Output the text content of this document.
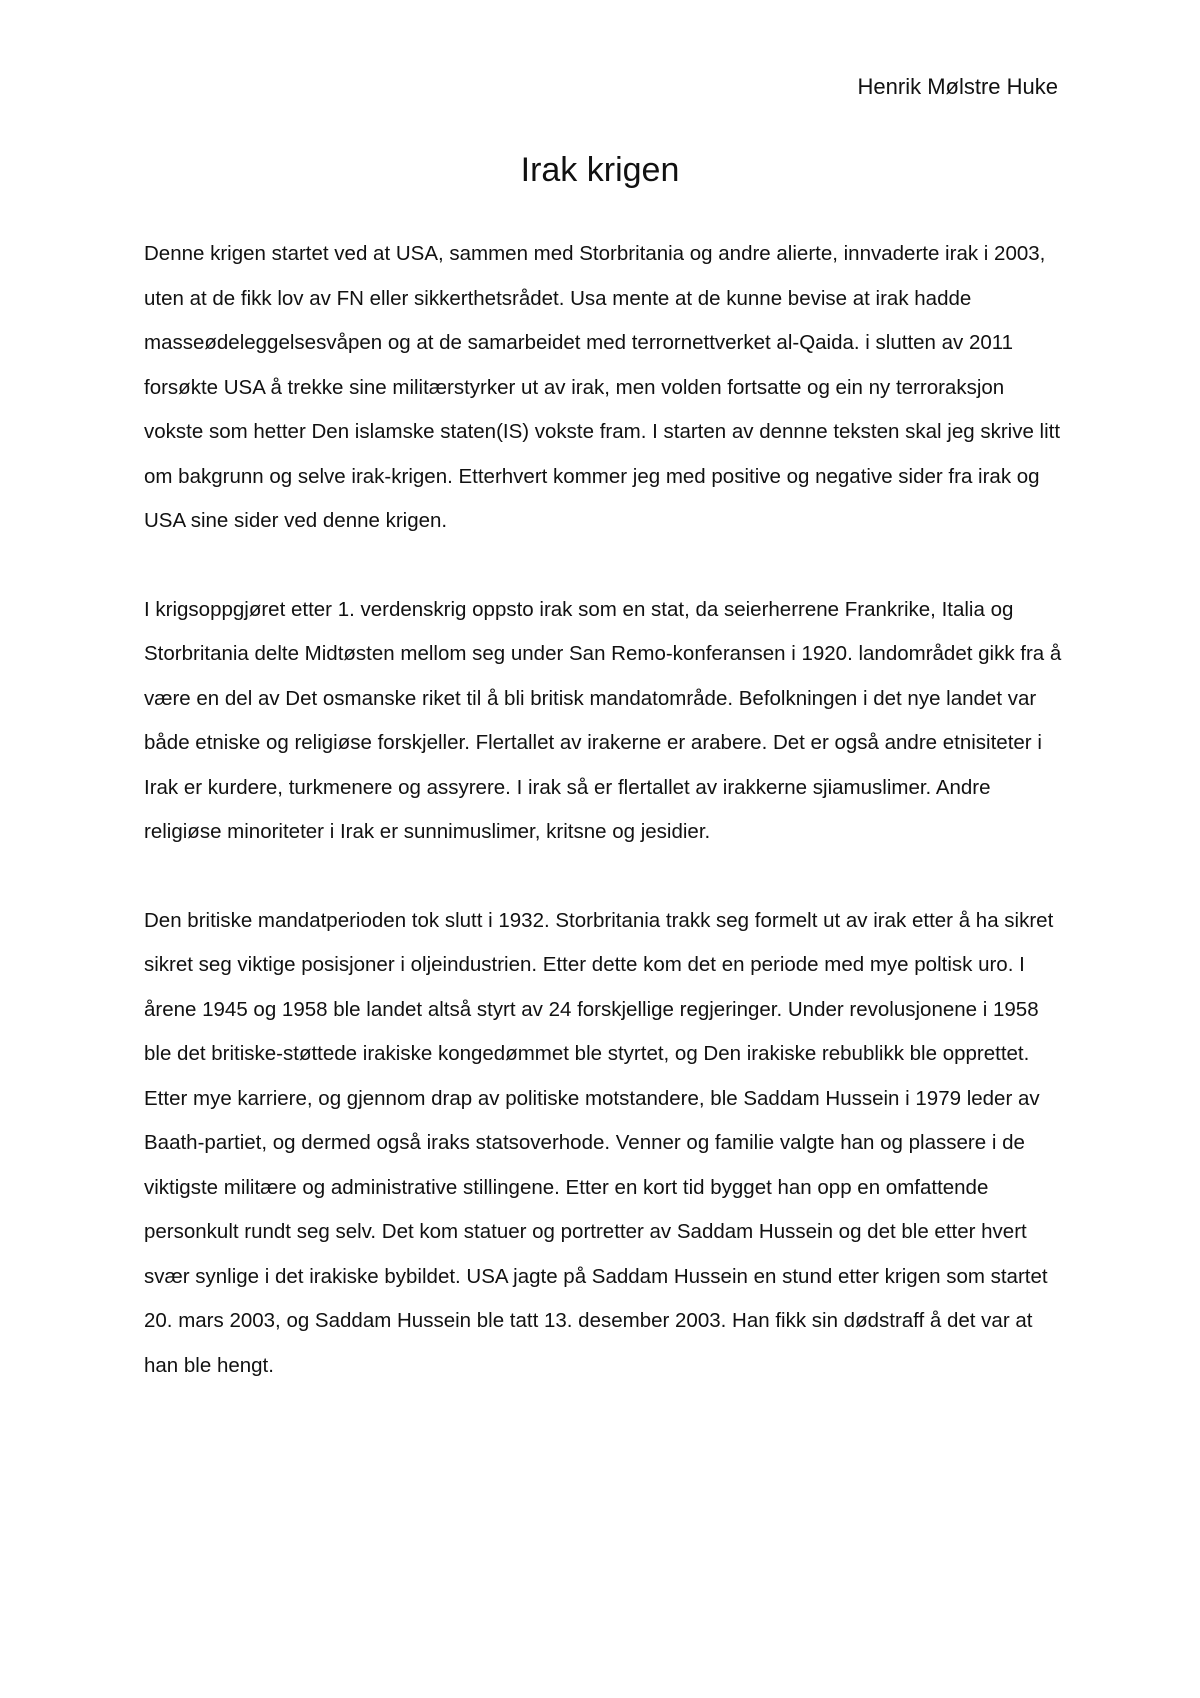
Henrik Mølstre Huke
Irak krigen

Denne krigen startet ved at USA, sammen med Storbritania og andre alierte, innvaderte irak i 2003, uten at de fikk lov av FN eller sikkerthetsrådet. Usa mente at de kunne bevise at irak hadde masseødeleggelsesvåpen og at de samarbeidet med terrornettverket al-Qaida. i slutten av 2011 forsøkte USA å trekke sine militærstyrker ut av irak, men volden fortsatte og ein ny terroraksjon vokste som hetter Den islamske staten(IS) vokste fram. I starten av dennne teksten skal jeg skrive litt om bakgrunn og selve irak-krigen. Etterhvert kommer jeg med positive og negative sider fra irak og USA sine sider ved denne krigen.

I krigsoppgjøret etter 1. verdenskrig oppsto irak som en stat, da seierherrene Frankrike, Italia og Storbritania delte Midtøsten mellom seg under San Remo-konferansen i 1920. landområdet gikk fra å være en del av Det osmanske riket til å bli britisk mandatområde. Befolkningen i det nye landet var både etniske og religiøse forskjeller. Flertallet av irakerne er arabere. Det er også andre etnisiteter i Irak er kurdere, turkmenere og assyrere. I irak så er flertallet av irakkerne sjiamuslimer. Andre religiøse minoriteter i Irak er sunnimuslimer, kritsne og jesidier.

Den britiske mandatperioden tok slutt i 1932. Storbritania trakk seg formelt ut av irak etter å ha sikret sikret seg viktige posisjoner i oljeindustrien. Etter dette kom det en periode med mye poltisk uro. I årene 1945 og 1958 ble landet altså styrt av 24 forskjellige regjeringer. Under revolusjonene i 1958 ble det britiske-støttede irakiske kongedømmet ble styrtet, og Den irakiske rebublikk ble opprettet. Etter mye karriere, og gjennom drap av politiske motstandere, ble Saddam Hussein i 1979 leder av Baath-partiet, og dermed også iraks statsoverhode. Venner og familie valgte han og plassere i de viktigste militære og administrative stillingene. Etter en kort tid bygget han opp en omfattende personkult rundt seg selv. Det kom statuer og portretter av Saddam Hussein og det ble etter hvert svær synlige i det irakiske bybildet. USA jagte på Saddam Hussein en stund etter krigen som startet 20. mars 2003, og Saddam Hussein ble tatt 13. desember 2003. Han fikk sin dødstraff å det var at han ble hengt.
